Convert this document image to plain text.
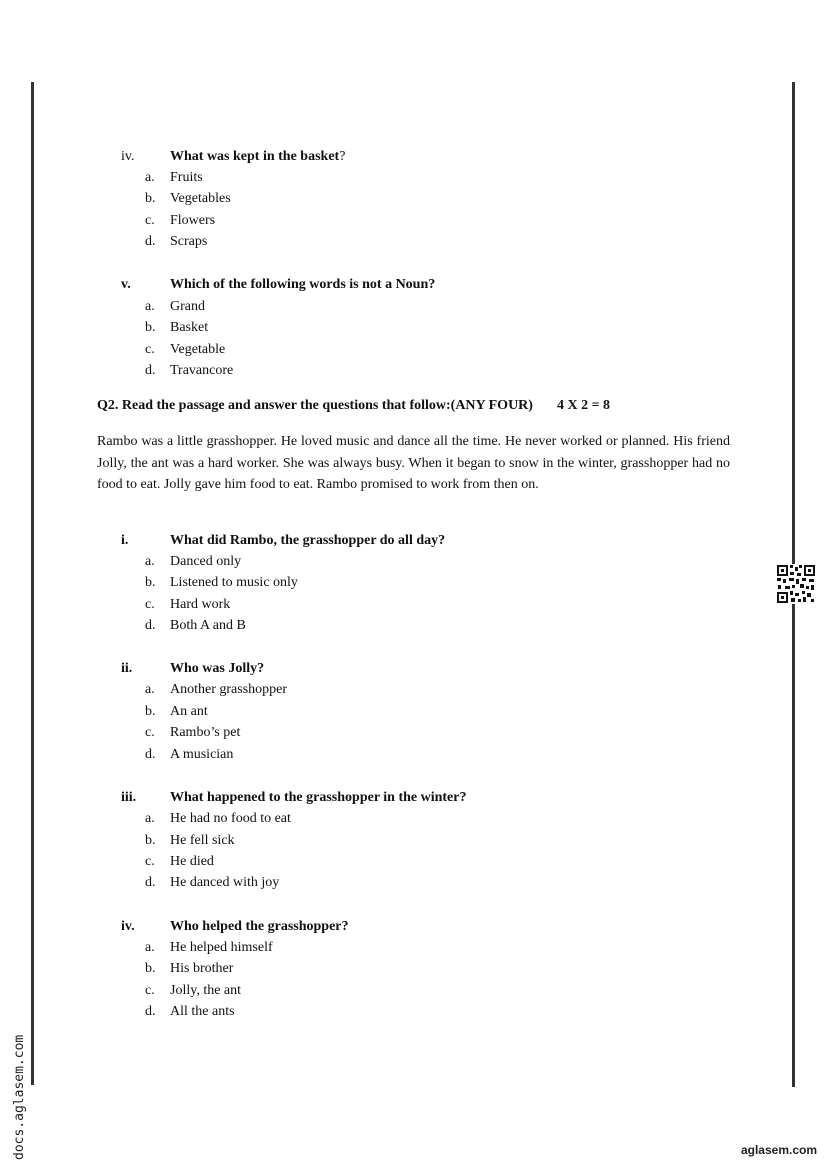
iv.	What was kept in the basket?
a. Fruits
b. Vegetables
c. Flowers
d. Scraps
v.	Which of the following words is not a Noun?
a. Grand
b. Basket
c. Vegetable
d. Travancore
Q2. Read the passage and answer the questions that follow:(ANY FOUR) 4 X 2 = 8
Rambo was a little grasshopper. He loved music and dance all the time. He never worked or planned. His friend Jolly, the ant was a hard worker. She was always busy. When it began to snow in the winter, grasshopper had no food to eat. Jolly gave him food to eat. Rambo promised to work from then on.
i.	What did Rambo, the grasshopper do all day?
a. Danced only
b. Listened to music only
c. Hard work
d. Both A and B
ii.	Who was Jolly?
a. Another grasshopper
b. An ant
c. Rambo’s pet
d. A musician
iii. What happened to the grasshopper in the winter?
a. He had no food to eat
b. He fell sick
c. He died
d. He danced with joy
iv.	Who helped the grasshopper?
a. He helped himself
b. His brother
c. Jolly, the ant
d. All the ants
docs.aglasem.com	aglasem.com
